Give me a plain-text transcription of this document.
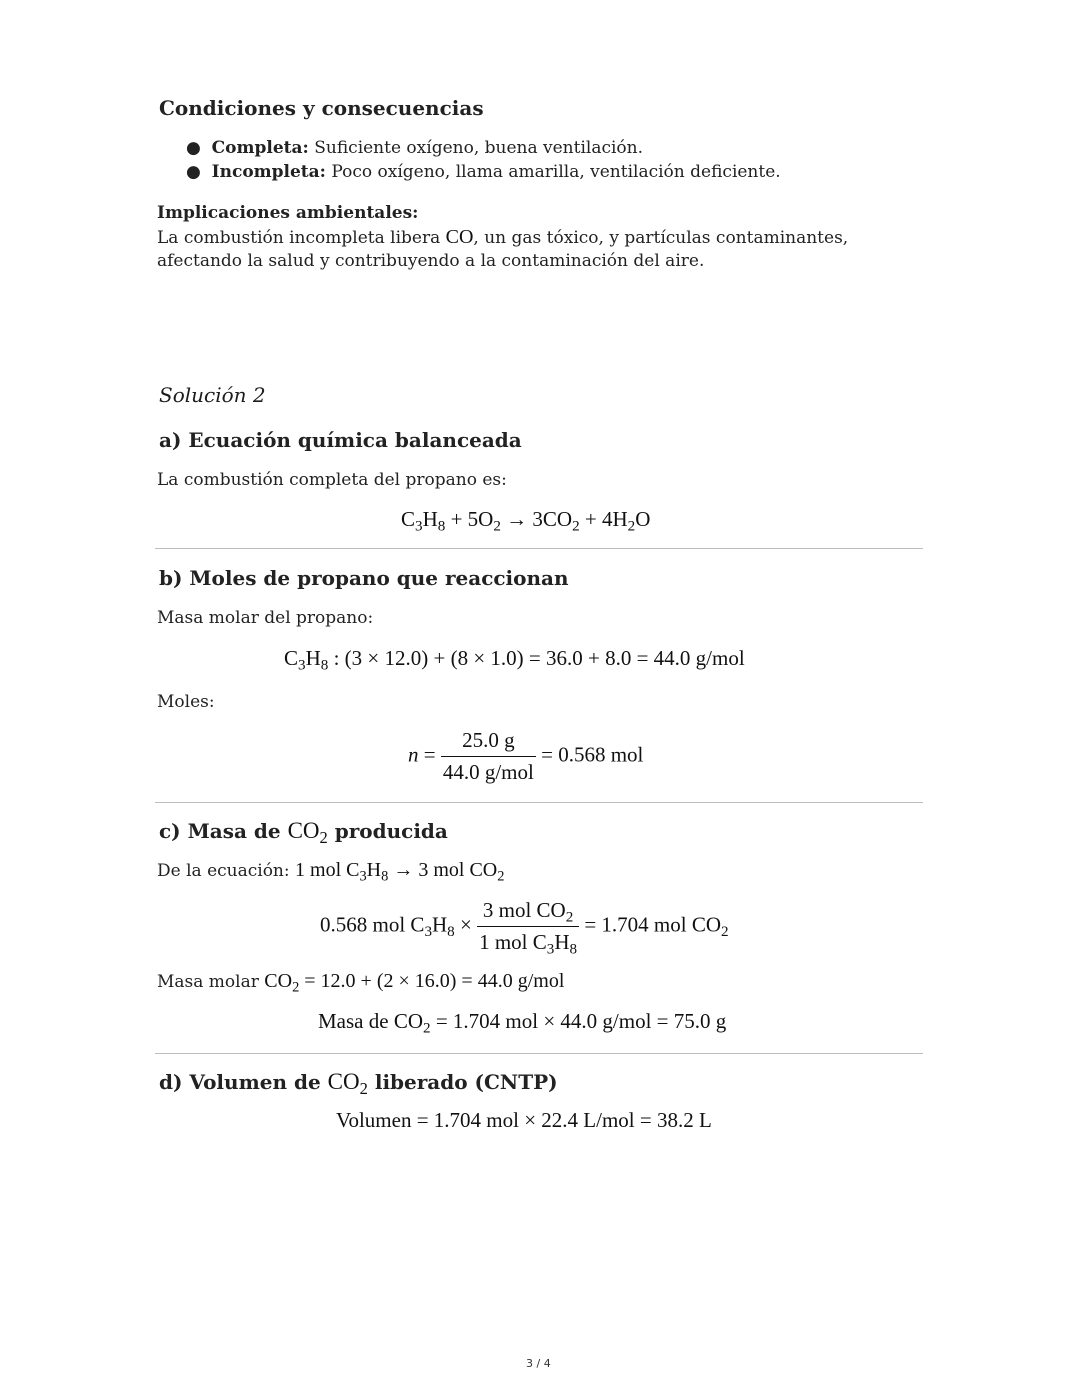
Condiciones y consecuencias
● Completa: Suficiente oxígeno, buena ventilación.
● Incompleta: Poco oxígeno, llama amarilla, ventilación deficiente.
Implicaciones ambientales:
La combustión incompleta libera CO, un gas tóxico, y partículas contaminantes,
afectando la salud y contribuyendo a la contaminación del aire.
Solución 2
a) Ecuación química balanceada
La combustión completa del propano es:
$C_3H_8 + 5O_2 \to 3CO_2 + 4H_2O$
b) Moles de propano que reaccionan
Masa molar del propano:
$C_3H_8$ : (3 × 12.0) + (8 × 1.0) = 36.0 + 8.0 = 44.0 g/mol
Moles:
$n = \frac{25.0 g}{\text{44.0 g/mol}} = 0.568$ mol
c) Masa de $CO_2$ producida
De la ecuación: 1 mol $C_3H_8 \to 3$ mol $CO_2$
0.568 mol $C_3H_8 \times \frac{3 mol CO_2}{1 mol C_3H_8} = 1.704$ mol $CO_2$
Masa molar $CO_2 = 12.0 + (2 \times 16.0) = 44.0$ g/mol
Masa de $CO_2 = 1.704$ mol × 44.0 g/mol = 75.0 g
d) Volumen de $CO_2$ liberado (CNTP)
Volumen = 1.704 mol × 22.4 L/mol = 38.2 L
3 / 4
